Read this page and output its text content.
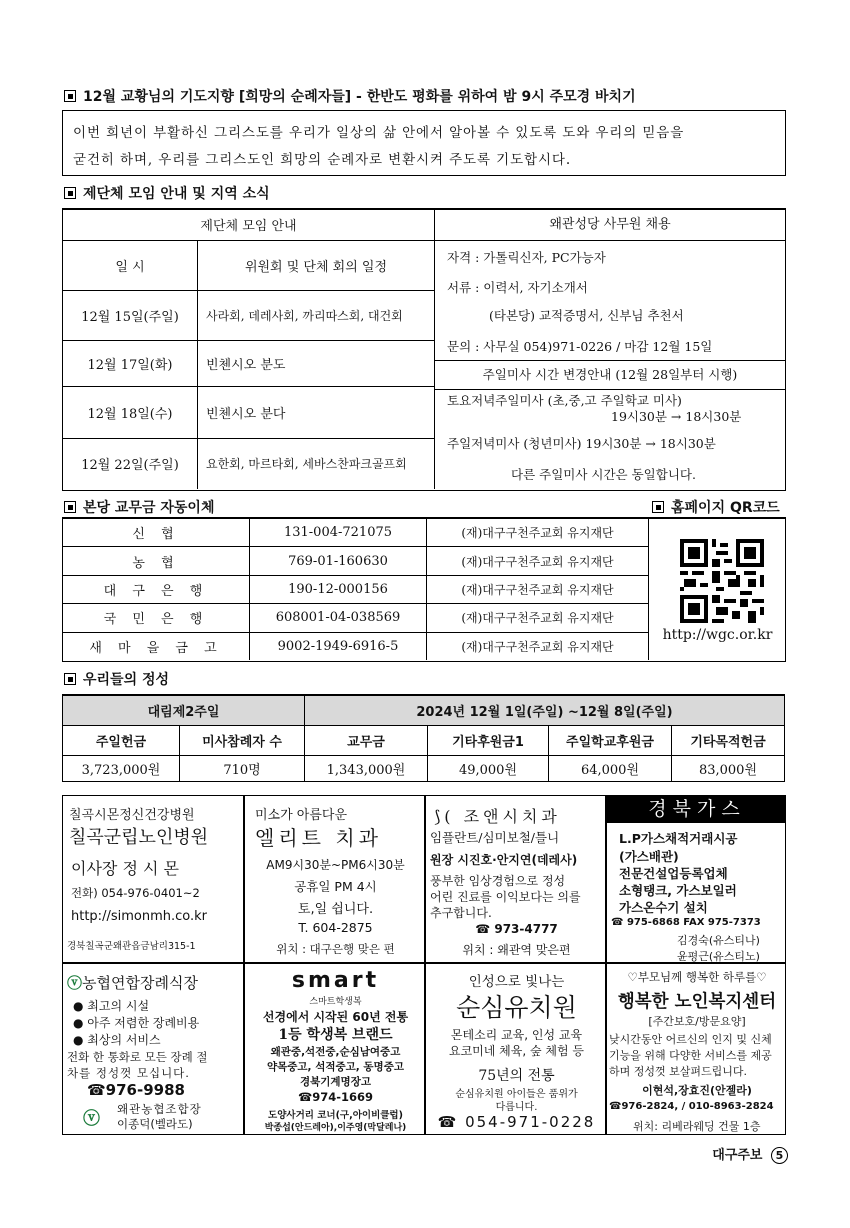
12월 교황님의 기도지향 [희망의 순례자들] - 한반도 평화를 위하여 밤 9시 주모경 바치기
이번 희년이 부활하신 그리스도를 우리가 일상의 삶 안에서 알아볼 수 있도록 도와 우리의 믿음을
굳건히 하며, 우리를 그리스도인 희망의 순례자로 변환시켜 주도록 기도합시다.
제단체 모임 안내 및 지역 소식
제단체 모임 안내	
일 시	위원회 및 단체 회의 일정
12월 15일(주일)	사라회, 데레사회, 까리따스회, 대건회
12월 17일(화)	빈첸시오 분도
12월 18일(수)	빈첸시오 분다
12월 22일(주일)	요한회, 마르타회, 세바스찬파크골프회
왜관성당 사무원 채용
자격 : 가톨릭신자, PC가능자
서류 : 이력서, 자기소개서
(타본당) 교적증명서, 신부님 추천서
문의 : 사무실 054)971-0226 / 마감 12월 15일
주일미사 시간 변경안내 (12월 28일부터 시행)
토요저녁주일미사 (초,중,고 주일학교 미사)
19시30분 → 18시30분
주일저녁미사 (청년미사) 19시30분 → 18시30분
다른 주일미사 시간은 동일합니다.
본당 교무금 자동이체	홈페이지 QR코드
신 협	131-004-721075	(재)대구구천주교회 유지재단
농 협	769-01-160630	(재)대구구천주교회 유지재단
대 구 은 행	190-12-000156	(재)대구구천주교회 유지재단
국 민 은 행	608001-04-038569	(재)대구구천주교회 유지재단
새 마 을 금 고	9002-1949-6916-5	(재)대구구천주교회 유지재단
http://wgc.or.kr
우리들의 정성
대림제2주일		2024년 12월 1일(주일) ~12월 8일(주일)			
주일헌금	미사참례자 수	교무금	기타후원금1	주일학교후원금	기타목적헌금
3,723,000원	710명	1,343,000원	49,000원	64,000원	83,000원
칠곡시몬정신건강병원
칠곡군립노인병원
이사장 정 시 몬
전화) 054-976-0401~2
http://simonmh.co.kr
경북칠곡군왜관읍금남리315-1
미소가 아름다운
엘리트 치과
AM9시30분~PM6시30분
공휴일 PM 4시
토,일 쉽니다.
T. 604-2875
위치 : 대구은행 맞은 편
⟆( 조앤시치과
임플란트/심미보철/틀니
원장 시진호·안지연(데레사)
풍부한 임상경험으로 정성
어린 진료를 이익보다는 의를
추구합니다.
☎ 973-4777
위치 : 왜관역 맞은편
경북가스
L.P가스채적거래시공
(가스배관)
전문건설업등록업체
소형탱크, 가스보일러
가스온수기 설치
☎ 975-6868 FAX 975-7373
김경숙(유스티나)
윤평근(유스티노)
ⓥ농협연합장례식장
● 최고의 시설
● 아주 저렴한 장례비용
● 최상의 서비스
전화 한 통화로 모든 장례 절
차를 정성껏 모십니다.
☎976-9988
ⓥ 왜관농협조합장
이종덕(벨라도)
smart
스마트학생복
선경에서 시작된 60년 전통
1등 학생복 브랜드
왜관중,석전중,순심남여중고
약목중고, 석적중고, 동명중고
경북기계명장고
☎974-1669
도양사거리 코너(구,아이비클럽)
박종섭(안드레아),이주영(막달레나)
인성으로 빛나는
순심유치원
몬테소리 교육, 인성 교육
요코미네 체육, 숲 체험 등
75년의 전통
순심유치원 아이들은 품위가
다릅니다.
☎ 054-971-0228
♡부모님께 행복한 하루를♡
행복한 노인복지센터
[주간보호/방문요양]
낮시간동안 어르신의 인지 및 신체
기능을 위해 다양한 서비스를 제공
하며 정성껏 보살펴드립니다.
이현석,장효진(안젤라)
☎976-2824, / 010-8963-2824
위치: 리베라웨딩 건물 1층
대구주보 5
